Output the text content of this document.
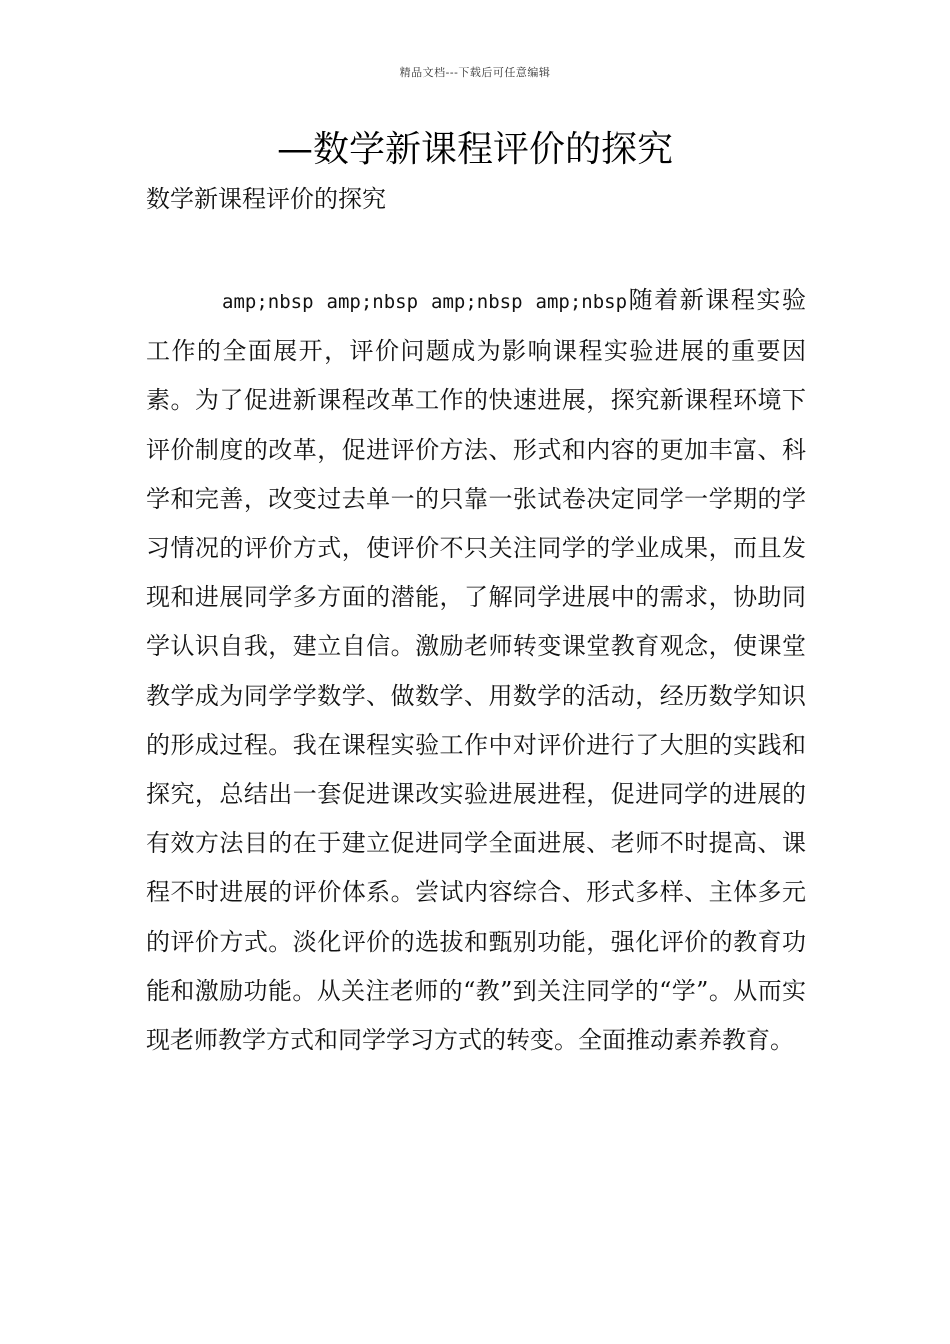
精品文档---下载后可任意编辑
—数学新课程评价的探究
数学新课程评价的探究
amp;nbsp amp;nbsp amp;nbsp amp;nbsp随着新课程实验工作的全面展开，评价问题成为影响课程实验进展的重要因素。为了促进新课程改革工作的快速进展，探究新课程环境下评价制度的改革，促进评价方法、形式和内容的更加丰富、科学和完善，改变过去单一的只靠一张试卷决定同学一学期的学习情况的评价方式，使评价不只关注同学的学业成果，而且发现和进展同学多方面的潜能，了解同学进展中的需求，协助同学认识自我，建立自信。激励老师转变课堂教育观念，使课堂教学成为同学学数学、做数学、用数学的活动，经历数学知识的形成过程。我在课程实验工作中对评价进行了大胆的实践和探究，总结出一套促进课改实验进展进程，促进同学的进展的有效方法目的在于建立促进同学全面进展、老师不时提高、课程不时进展的评价体系。尝试内容综合、形式多样、主体多元的评价方式。淡化评价的选拔和甄别功能，强化评价的教育功能和激励功能。从关注老师的“教”到关注同学的“学”。从而实现老师教学方式和同学学习方式的转变。全面推动素养教育。
